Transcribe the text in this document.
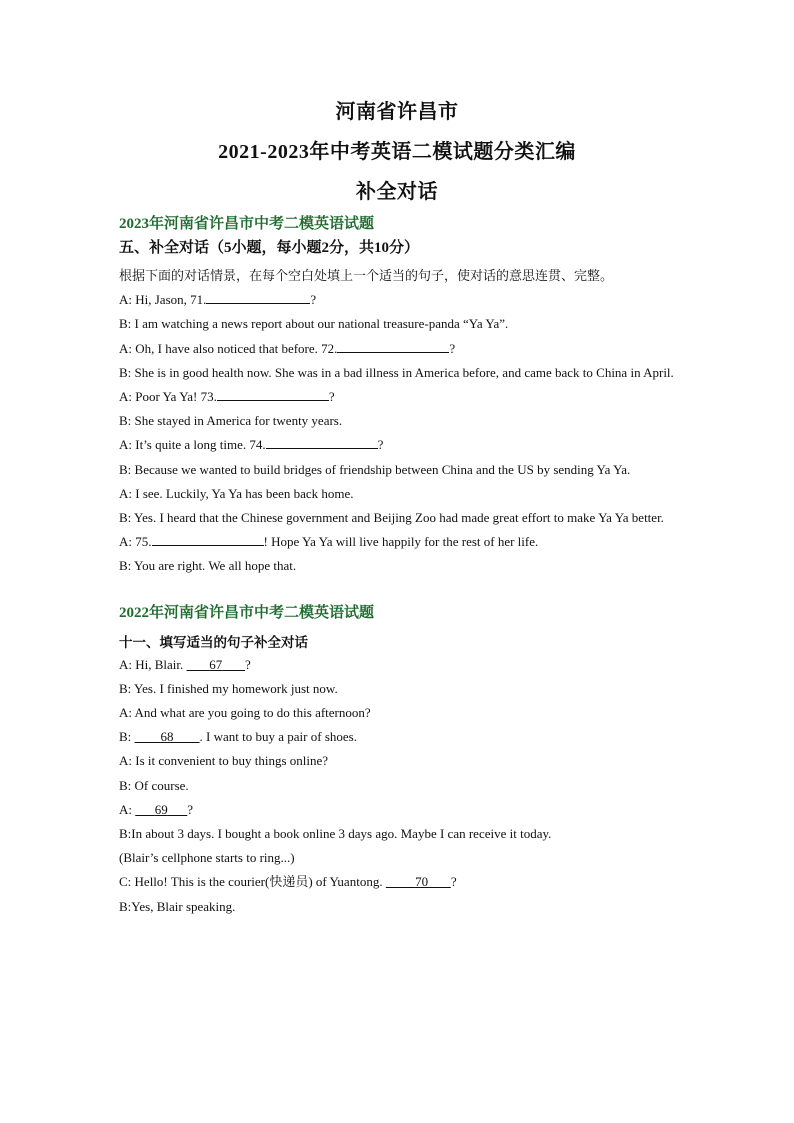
河南省许昌市
2021-2023年中考英语二模试题分类汇编
补全对话
2023年河南省许昌市中考二模英语试题
五、补全对话（5小题，每小题2分，共10分）
根据下面的对话情景，在每个空白处填上一个适当的句子，使对话的意思连贯、完整。
A: Hi, Jason, 71.	?
B: I am watching a news report about our national treasure-panda “Ya Ya”.
A: Oh, I have also noticed that before. 72.	?
B: She is in good health now. She was in a bad illness in America before, and came back to China in April.
A: Poor Ya Ya! 73.	?
B: She stayed in America for twenty years.
A: It’s quite a long time. 74.	?
B: Because we wanted to build bridges of friendship between China and the US by sending Ya Ya.
A: I see. Luckily, Ya Ya has been back home.
B: Yes. I heard that the Chinese government and Beijing Zoo had made great effort to make Ya Ya better.
A: 75.	! Hope Ya Ya will live happily for the rest of her life.
B: You are right. We all hope that.
2022年河南省许昌市中考二模英语试题
十一、填写适当的句子补全对话
A: Hi, Blair.        67 ?
B: Yes. I finished my homework just now.
A: And what are you going to do this afternoon?
B:         68 . I want to buy a pair of shoes.
A: Is it convenient to buy things online?
B: Of course.
A:       69 ?
B:In about 3 days. I bought a book online 3 days ago. Maybe I can receive it today.
(Blair’s cellphone starts to ring...)
C: Hello! This is the courier(快递员) of Yuantong.          70 ?
B:Yes, Blair speaking.
